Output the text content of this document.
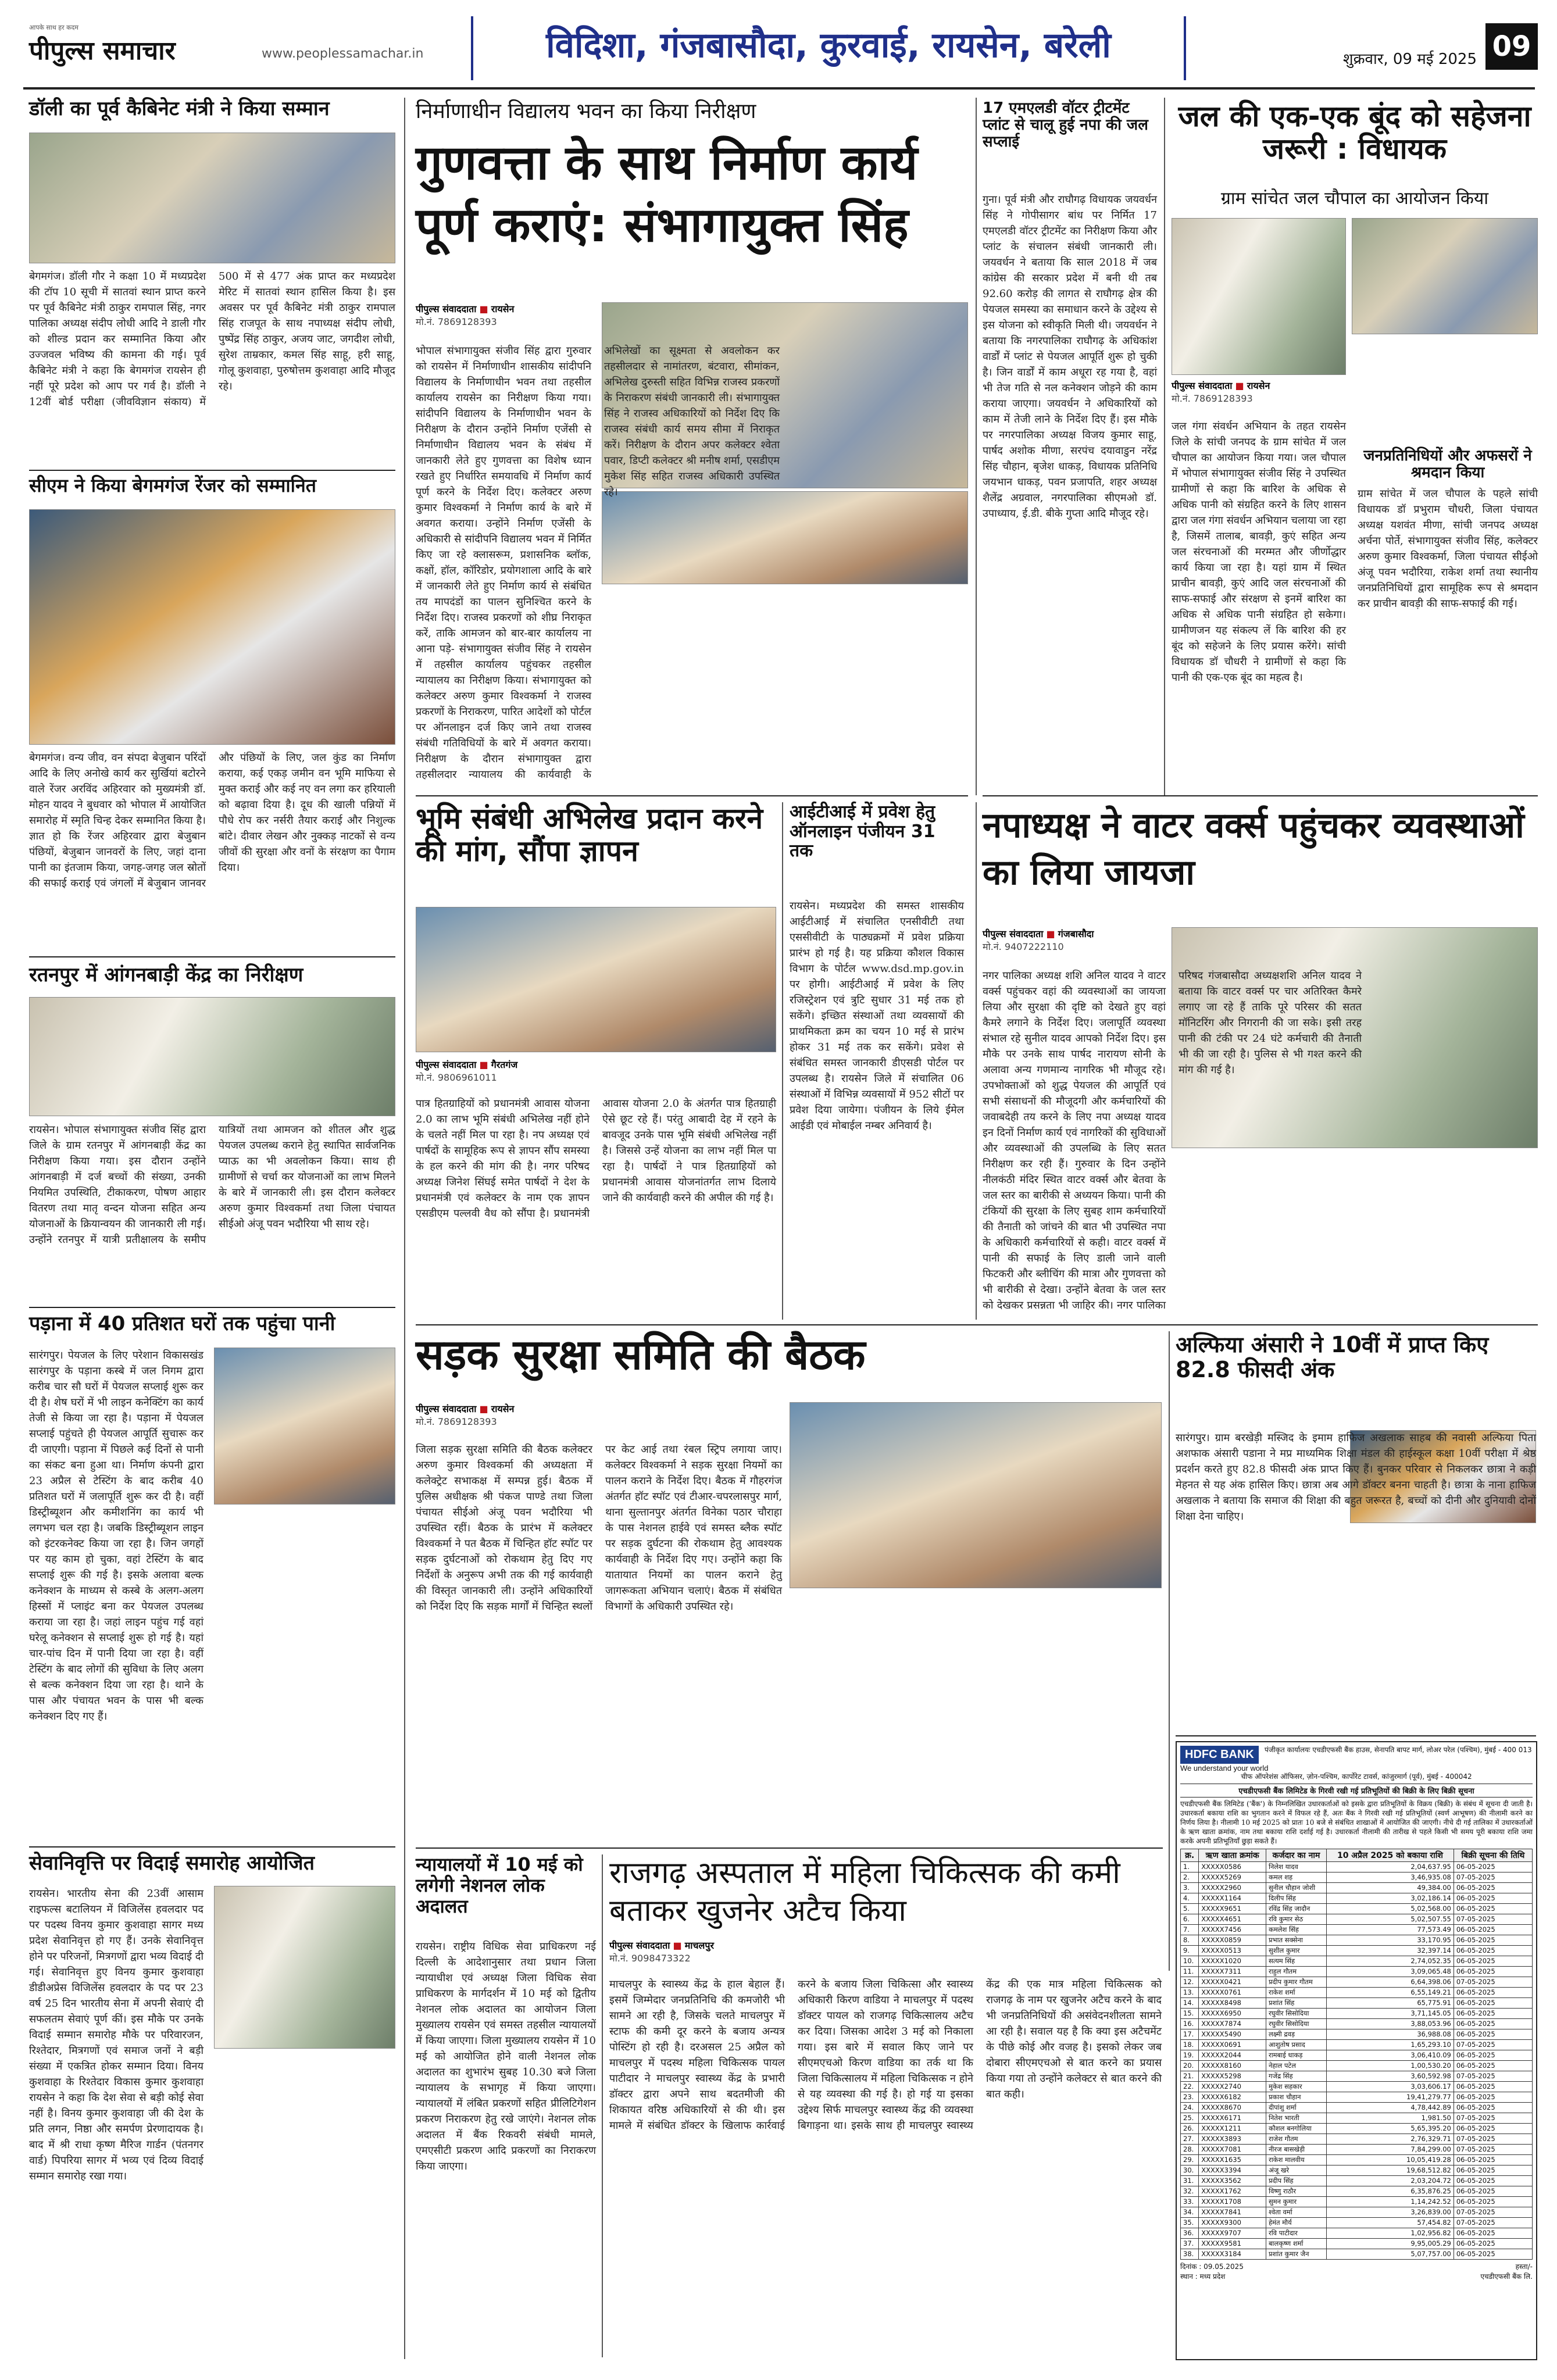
आपके साथ हर कदम
पीपुल्स समाचार	www.peoplessamachar.in	विदिशा, गंजबासौदा, कुरवाई, रायसेन, बरेली	शुक्रवार, 09 मई 2025 09
डॉली का पूर्व कैबिनेट मंत्री ने किया सम्मान
बेगमगंज। डॉली गौर ने कक्षा 10 में मध्यप्रदेश की टॉप 10 सूची में सातवां स्थान प्राप्त करने पर पूर्व कैबिनेट मंत्री ठाकुर रामपाल सिंह, नगर पालिका अध्यक्ष संदीप लोधी आदि ने डाली गौर को शील्ड प्रदान कर सम्मानित किया और उज्जवल भविष्य की कामना की गई। पूर्व कैबिनेट मंत्री ने कहा कि बेगमगंज रायसेन ही नहीं पूरे प्रदेश को आप पर गर्व है। डॉली ने 12वीं बोर्ड परीक्षा (जीवविज्ञान संकाय) में 500 में से 477 अंक प्राप्त कर मध्यप्रदेश मेरिट में सातवां स्थान हासिल किया है। इस अवसर पर पूर्व कैबिनेट मंत्री ठाकुर रामपाल सिंह राजपूत के साथ नपाध्यक्ष संदीप लोधी, पुष्पेंद्र सिंह ठाकुर, अजय जाट, जगदीश लोधी, सुरेश ताम्रकार, कमल सिंह साहू, हरी साहू, गोलू कुशवाहा, पुरुषोत्तम कुशवाहा आदि मौजूद रहे।
सीएम ने किया बेगमगंज रेंजर को सम्मानित
बेगमगंज। वन्य जीव, वन संपदा बेजुबान परिंदों आदि के लिए अनोखे कार्य कर सुर्खियां बटोरने वाले रेंजर अरविंद अहिरवार को मुख्यमंत्री डॉ. मोहन यादव ने बुधवार को भोपाल में आयोजित समारोह में स्मृति चिन्ह देकर सम्मानित किया है। ज्ञात हो कि रेंजर अहिरवार द्वारा बेजुबान पंछियों, बेजुबान जानवरों के लिए, जहां दाना पानी का इंतजाम किया, जगह-जगह जल स्रोतों की सफाई कराई एवं जंगलों में बेजुबान जानवर और पंछियों के लिए, जल कुंड का निर्माण कराया, कई एकड़ जमीन वन भूमि माफिया से मुक्त कराई और कई नए वन लगा कर हरियाली को बढ़ावा दिया है। दूध की खाली पन्नियों में पौधे रोप कर नर्सरी तैयार कराई और निशुल्क बांटे। दीवार लेखन और नुक्कड़ नाटकों से वन्य जीवों की सुरक्षा और वनों के संरक्षण का पैगाम दिया।
रतनपुर में आंगनबाड़ी केंद्र का निरीक्षण
रायसेन। भोपाल संभागायुक्त संजीव सिंह द्वारा जिले के ग्राम रतनपुर में आंगनबाड़ी केंद्र का निरीक्षण किया गया। इस दौरान उन्होंने आंगनबाड़ी में दर्ज बच्चों की संख्या, उनकी नियमित उपस्थिति, टीकाकरण, पोषण आहार वितरण तथा मातृ वन्दन योजना सहित अन्य योजनाओं के क्रियान्वयन की जानकारी ली गई। उन्होंने रतनपुर में यात्री प्रतीक्षालय के समीप यात्रियों तथा आमजन को शीतल और शुद्ध पेयजल उपलब्ध कराने हेतु स्थापित सार्वजनिक प्याऊ का भी अवलोकन किया। साथ ही ग्रामीणों से चर्चा कर योजनाओं का लाभ मिलने के बारे में जानकारी ली। इस दौरान कलेक्टर अरुण कुमार विश्वकर्मा तथा जिला पंचायत सीईओ अंजू पवन भदौरिया भी साथ रहे।
पड़ाना में 40 प्रतिशत घरों तक पहुंचा पानी
सारंगपुर। पेयजल के लिए परेशान विकासखंड सारंगपुर के पड़ाना कस्बे में जल निगम द्वारा करीब चार सौ घरों में पेयजल सप्लाई शुरू कर दी है। शेष घरों में भी लाइन कनेक्टिंग का कार्य तेजी से किया जा रहा है। पड़ाना में पेयजल सप्लाई पहुंचते ही पेयजल आपूर्ति सुचारू कर दी जाएगी। पड़ाना में पिछले कई दिनों से पानी का संकट बना हुआ था। निर्माण कंपनी द्वारा 23 अप्रैल से टेस्टिंग के बाद करीब 40 प्रतिशत घरों में जलापूर्ति शुरू कर दी है। वहीं डिस्ट्रीब्यूशन और कमीशनिंग का कार्य भी लगभग चल रहा है। जबकि डिस्ट्रीब्यूशन लाइन को इंटरकनेक्ट किया जा रहा है। जिन जगहों पर यह काम हो चुका, वहां टेस्टिंग के बाद सप्लाई शुरू की गई है। इसके अलावा बल्क कनेक्शन के माध्यम से कस्बे के अलग-अलग हिस्सों में प्लाइंट बना कर पेयजल उपलब्ध कराया जा रहा है। जहां लाइन पहुंच गई वहां घरेलू कनेक्शन से सप्लाई शुरू हो गई है। यहां चार-पांच दिन में पानी दिया जा रहा है। वहीं टेस्टिंग के बाद लोगों की सुविधा के लिए अलग से बल्क कनेक्शन दिया जा रहा है। थाने के पास और पंचायत भवन के पास भी बल्क कनेक्शन दिए गए हैं।
सेवानिवृत्ति पर विदाई समारोह आयोजित
रायसेन। भारतीय सेना की 23वीं आसाम राइफल्स बटालियन में विजिलेंस हवलदार पद पर पदस्थ विनय कुमार कुशवाहा सागर मध्य प्रदेश सेवानिवृत्त हो गए हैं। उनके सेवानिवृत्त होने पर परिजनों, मित्रगणों द्वारा भव्य विदाई दी गई। सेवानिवृत्त हुए विनय कुमार कुशवाहा डीडीअप्रेस विजिलेंस हवलदार के पद पर 23 वर्ष 25 दिन भारतीय सेना में अपनी सेवाएं दी सफलतम सेवाएं पूर्ण कीं। इस मौके पर उनके विदाई सम्मान समारोह मौके पर परिवारजन, रिश्तेदार, मित्रगणों एवं समाज जनों ने बड़ी संख्या में एकत्रित होकर सम्मान दिया। विनय कुशवाहा के रिश्तेदार विकास कुमार कुशवाहा रायसेन ने कहा कि देश सेवा से बड़ी कोई सेवा नहीं है। विनय कुमार कुशवाहा जी की देश के प्रति लगन, निष्ठा और समर्पण प्रेरणादायक है। बाद में श्री राधा कृष्ण मैरिज गार्डन (पंतनगर वार्ड) पिपरिया सागर में भव्य एवं दिव्य विदाई सम्मान समारोह रखा गया।
निर्माणाधीन विद्यालय भवन का किया निरीक्षण
गुणवत्ता के साथ निर्माण कार्य पूर्ण कराएं: संभागायुक्त सिंह
पीपुल्स संवाददाता ■ रायसेन
मो.नं. 7869128393
भोपाल संभागायुक्त संजीव सिंह द्वारा गुरुवार को रायसेन में निर्माणाधीन शासकीय सांदीपनि विद्यालय के निर्माणाधीन भवन तथा तहसील कार्यालय रायसेन का निरीक्षण किया गया। सांदीपनि विद्यालय के निर्माणाधीन भवन के निरीक्षण के दौरान उन्होंने निर्माण एजेंसी से निर्माणाधीन विद्यालय भवन के संबंध में जानकारी लेते हुए गुणवत्ता का विशेष ध्यान रखते हुए निर्धारित समयावधि में निर्माण कार्य पूर्ण करने के निर्देश दिए। कलेक्टर अरुण कुमार विश्वकर्मा ने निर्माण कार्य के बारे में अवगत कराया। उन्होंने निर्माण एजेंसी के अधिकारी से सांदीपनि विद्यालय भवन में निर्मित किए जा रहे क्लासरूम, प्रशासनिक ब्लॉक, कक्षों, हॉल, कॉरिडोर, प्रयोगशाला आदि के बारे में जानकारी लेते हुए निर्माण कार्य से संबंधित तय मापदंडों का पालन सुनिश्चित करने के निर्देश दिए। राजस्व प्रकरणों को शीघ्र निराकृत करें, ताकि आमजन को बार-बार कार्यालय ना आना पड़े- संभागायुक्त संजीव सिंह ने रायसेन में तहसील कार्यालय पहुंचकर तहसील न्यायालय का निरीक्षण किया। संभागायुक्त को कलेक्टर अरुण कुमार विश्वकर्मा ने राजस्व प्रकरणों के निराकरण, पारित आदेशों को पोर्टल पर ऑनलाइन दर्ज किए जाने तथा राजस्व संबंधी गतिविधियों के बारे में अवगत कराया। निरीक्षण के दौरान संभागायुक्त द्वारा तहसीलदार न्यायालय की कार्यवाही के अभिलेखों का सूक्ष्मता से अवलोकन कर तहसीलदार से नामांतरण, बंटवारा, सीमांकन, अभिलेख दुरुस्ती सहित विभिन्न राजस्व प्रकरणों के निराकरण संबंधी जानकारी ली। संभागायुक्त सिंह ने राजस्व अधिकारियों को निर्देश दिए कि राजस्व संबंधी कार्य समय सीमा में निराकृत करें। निरीक्षण के दौरान अपर कलेक्टर श्वेता पवार, डिप्टी कलेक्टर श्री मनीष शर्मा, एसडीएम मुकेश सिंह सहित राजस्व अधिकारी उपस्थित रहे।
17 एमएलडी वॉटर ट्रीटमेंट प्लांट से चालू हुई नपा की जल सप्लाई
गुना। पूर्व मंत्री और राघौगढ़ विधायक जयवर्धन सिंह ने गोपीसागर बांध पर निर्मित 17 एमएलडी वॉटर ट्रीटमेंट का निरीक्षण किया और प्लांट के संचालन संबंधी जानकारी ली। जयवर्धन ने बताया कि साल 2018 में जब कांग्रेस की सरकार प्रदेश में बनी थी तब 92.60 करोड़ की लागत से राघौगढ़ क्षेत्र की पेयजल समस्या का समाधान करने के उद्देश्य से इस योजना को स्वीकृति मिली थी। जयवर्धन ने बताया कि नगरपालिका राघौगढ़ के अधिकांश वार्डों में प्लांट से पेयजल आपूर्ति शुरू हो चुकी है। जिन वार्डों में काम अधूरा रह गया है, वहां भी तेज गति से नल कनेक्शन जोड़ने की काम कराया जाएगा। जयवर्धन ने अधिकारियों को काम में तेजी लाने के निर्देश दिए हैं। इस मौके पर नगरपालिका अध्यक्ष विजय कुमार साहू, पार्षद अशोक मीणा, सरपंच दयावाडुन नरेंद्र सिंह चौहान, बृजेश धाकड़, विधायक प्रतिनिधि जयभान धाकड़, पवन प्रजापति, शहर अध्यक्ष शैलेंद्र अग्रवाल, नगरपालिका सीएमओ डॉ. उपाध्याय, ई.डी. बीके गुप्ता आदि मौजूद रहे।
जल की एक-एक बूंद को सहेजना जरूरी : विधायक
ग्राम सांचेत जल चौपाल का आयोजन किया
पीपुल्स संवाददाता ■ रायसेन
मो.नं. 7869128393
जल गंगा संवर्धन अभियान के तहत रायसेन जिले के सांची जनपद के ग्राम सांचेत में जल चौपाल का आयोजन किया गया। जल चौपाल में भोपाल संभागायुक्त संजीव सिंह ने उपस्थित ग्रामीणों से कहा कि बारिश के अधिक से अधिक पानी को संग्रहित करने के लिए शासन द्वारा जल गंगा संवर्धन अभियान चलाया जा रहा है, जिसमें तालाब, बावड़ी, कुएं सहित अन्य जल संरचनाओं की मरम्मत और जीर्णोद्धार कार्य किया जा रहा है। यहां ग्राम में स्थित प्राचीन बावड़ी, कुएं आदि जल संरचनाओं की साफ-सफाई और संरक्षण से इनमें बारिश का अधिक से अधिक पानी संग्रहित हो सकेगा। ग्रामीणजन यह संकल्प लें कि बारिश की हर बूंद को सहेजने के लिए प्रयास करेंगे। सांची विधायक डॉ चौधरी ने ग्रामीणों से कहा कि पानी की एक-एक बूंद का महत्व है।
जनप्रतिनिधियों और अफसरों ने श्रमदान किया
ग्राम सांचेत में जल चौपाल के पहले सांची विधायक डॉ प्रभुराम चौधरी, जिला पंचायत अध्यक्ष यशवंत मीणा, सांची जनपद अध्यक्ष अर्चना पोर्ते, संभागायुक्त संजीव सिंह, कलेक्टर अरुण कुमार विश्वकर्मा, जिला पंचायत सीईओ अंजू पवन भदौरिया, राकेश शर्मा तथा स्थानीय जनप्रतिनिधियों द्वारा सामूहिक रूप से श्रमदान कर प्राचीन बावड़ी की साफ-सफाई की गई।
भूमि संबंधी अभिलेख प्रदान करने की मांग, सौंपा ज्ञापन
पीपुल्स संवाददाता ■ गैरतगंज
मो.नं. 9806961011
पात्र हितग्राहियों को प्रधानमंत्री आवास योजना 2.0 का लाभ भूमि संबंधी अभिलेख नहीं होने के चलते नहीं मिल पा रहा है। नप अध्यक्ष एवं पार्षदों के सामूहिक रूप से ज्ञापन सौंप समस्या के हल करने की मांग की है। नगर परिषद अध्यक्ष जिनेश सिंघई समेत पार्षदों ने देश के प्रधानमंत्री एवं कलेक्टर के नाम एक ज्ञापन एसडीएम पल्लवी वैध को सौंपा है। प्रधानमंत्री आवास योजना 2.0 के अंतर्गत पात्र हितग्राही ऐसे छूट रहे हैं। परंतु आबादी देह में रहने के बावजूद उनके पास भूमि संबंधी अभिलेख नहीं है। जिससे उन्हें योजना का लाभ नहीं मिल पा रहा है। पार्षदों ने पात्र हितग्राहियों को प्रधानमंत्री आवास योजनांतर्गत लाभ दिलाये जाने की कार्यवाही करने की अपील की गई है।
आईटीआई में प्रवेश हेतु ऑनलाइन पंजीयन 31 तक
रायसेन। मध्यप्रदेश की समस्त शासकीय आईटीआई में संचालित एनसीवीटी तथा एससीवीटी के पाठ्यक्रमों में प्रवेश प्रक्रिया प्रारंभ हो गई है। यह प्रक्रिया कौशल विकास विभाग के पोर्टल www.dsd.mp.gov.in पर होगी। आईटीआई में प्रवेश के लिए रजिस्ट्रेशन एवं त्रुटि सुधार 31 मई तक हो सकेंगे। इच्छित संस्थाओं तथा व्यवसायों की प्राथमिकता क्रम का चयन 10 मई से प्रारंभ होकर 31 मई तक कर सकेंगे। प्रवेश से संबंधित समस्त जानकारी डीएसडी पोर्टल पर उपलब्ध है। रायसेन जिले में संचालित 06 संस्थाओं में विभिन्न व्यवसायों में 952 सीटों पर प्रवेश दिया जायेगा। पंजीयन के लिये ईमेल आईडी एवं मोबाईल नम्बर अनिवार्य है।
नपाध्यक्ष ने वाटर वर्क्स पहुंचकर व्यवस्थाओं का लिया जायजा
पीपुल्स संवाददाता ■ गंजबासौदा
मो.नं. 9407222110
नगर पालिका अध्यक्ष शशि अनिल यादव ने वाटर वर्क्स पहुंचकर वहां की व्यवस्थाओं का जायजा लिया और सुरक्षा की दृष्टि को देखते हुए वहां कैमरे लगाने के निर्देश दिए। जलापूर्ति व्यवस्था संभाल रहे सुनील यादव आपको निर्देश दिए। इस मौके पर उनके साथ पार्षद नारायण सोनी के अलावा अन्य गणमान्य नागरिक भी मौजूद रहे। उपभोक्ताओं को शुद्ध पेयजल की आपूर्ति एवं सभी संसाधनों की मौजूदगी और कर्मचारियों की जवाबदेही तय करने के लिए नपा अध्यक्ष यादव इन दिनों निर्माण कार्य एवं नागरिकों की सुविधाओं और व्यवस्थाओं की उपलब्धि के लिए सतत निरीक्षण कर रही हैं। गुरुवार के दिन उन्होंने नीलकंठी मंदिर स्थित वाटर वर्क्स और बेतवा के जल स्तर का बारीकी से अध्ययन किया। पानी की टंकियों की सुरक्षा के लिए सुबह शाम कर्मचारियों की तैनाती को जांचने की बात भी उपस्थित नपा के अधिकारी कर्मचारियों से कही। वाटर वर्क्स में पानी की सफाई के लिए डाली जाने वाली फिटकरी और ब्लीचिंग की मात्रा और गुणवत्ता को भी बारीकी से देखा। उन्होंने बेतवा के जल स्तर को देखकर प्रसन्नता भी जाहिर की। नगर पालिका
सड़क सुरक्षा समिति की बैठक
पीपुल्स संवाददाता ■ रायसेन
मो.नं. 7869128393
जिला सड़क सुरक्षा समिति की बैठक कलेक्टर अरुण कुमार विश्वकर्मा की अध्यक्षता में कलेक्ट्रेट सभाकक्ष में सम्पन्न हुई। बैठक में पुलिस अधीक्षक श्री पंकज पाण्डे तथा जिला पंचायत सीईओ अंजू पवन भदौरिया भी उपस्थित रहीं। बैठक के प्रारंभ में कलेक्टर विश्वकर्मा ने पत बैठक में चिन्हित हॉट स्पॉट पर सड़क दुर्घटनाओं को रोकथाम हेतु दिए गए निर्देशों के अनुरूप अभी तक की गई कार्यवाही की विस्तृत जानकारी ली। उन्होंने अधिकारियों को निर्देश दिए कि सड़क मार्गों में चिन्हित स्थलों पर केट आई तथा रंबल स्ट्रिप लगाया जाए। कलेक्टर विश्वकर्मा ने सड़क सुरक्षा नियमों का पालन कराने के निर्देश दिए। बैठक में गौहरगंज अंतर्गत हॉट स्पॉट एवं टीआर-चपरलासपुर मार्ग, थाना सुल्तानपुर अंतर्गत विनेका पठार चौराहा के पास नेशनल हाईवे एवं समस्त ब्लैक स्पॉट पर सड़क दुर्घटना की रोकथाम हेतु आवश्यक कार्यवाही के निर्देश दिए गए। उन्होंने कहा कि यातायात नियमों का पालन कराने हेतु जागरूकता अभियान चलाएं। बैठक में संबंधित विभागों के अधिकारी उपस्थित रहे।
अल्फिया अंसारी ने 10वीं में प्राप्त किए 82.8 फीसदी अंक
सारंगपुर। ग्राम बरखेड़ी मस्जिद के इमाम हाफिज अखलाक साहब की नवासी अल्फिया पिता अशफाक अंसारी पडाना ने मप्र माध्यमिक शिक्षा मंडल की हाईस्कूल कक्षा 10वीं परीक्षा में श्रेष्ठ प्रदर्शन करते हुए 82.8 फीसदी अंक प्राप्त किए हैं। बुनकर परिवार से निकलकर छात्रा ने कड़ी मेहनत से यह अंक हासिल किए। छात्रा अब आगे डॉक्टर बनना चाहती है। छात्रा के नाना हाफिज अखलाक ने बताया कि समाज की शिक्षा की बहुत जरूरत है, बच्चों को दीनी और दुनियावी दोनों शिक्षा देना चाहिए।
न्यायालयों में 10 मई को लगेगी नेशनल लोक अदालत
रायसेन। राष्ट्रीय विधिक सेवा प्राधिकरण नई दिल्ली के आदेशानुसार तथा प्रधान जिला न्यायाधीश एवं अध्यक्ष जिला विधिक सेवा प्राधिकरण के मार्गदर्शन में 10 मई को द्वितीय नेशनल लोक अदालत का आयोजन जिला मुख्यालय रायसेन एवं समस्त तहसील न्यायालयों में किया जाएगा। जिला मुख्यालय रायसेन में 10 मई को आयोजित होने वाली नेशनल लोक अदालत का शुभारंभ सुबह 10.30 बजे जिला न्यायालय के सभागृह में किया जाएगा। न्यायालयों में लंबित प्रकरणों सहित प्रीलिटिगेशन प्रकरण निराकरण हेतु रखे जाएंगे। नेशनल लोक अदालत में बैंक रिकवरी संबंधी मामले, एमएसीटी प्रकरण आदि प्रकरणों का निराकरण किया जाएगा।
राजगढ़ अस्पताल में महिला चिकित्सक की कमी बताकर खुजनेर अटैच किया
पीपुल्स संवाददाता ■ माचलपुर
मो.नं. 9098473322
माचलपुर के स्वास्थ्य केंद्र के हाल बेहाल हैं। इसमें जिम्मेदार जनप्रतिनिधि की कमजोरी भी सामने आ रही है, जिसके चलते माचलपुर में स्टाफ की कमी दूर करने के बजाय अन्यत्र पोस्टिंग हो रही है। दरअसल 25 अप्रैल को माचलपुर में पदस्थ महिला चिकित्सक पायल पाटीदार ने माचलपुर स्वास्थ्य केंद्र के प्रभारी डॉक्टर द्वारा अपने साथ बदतमीजी की शिकायत वरिष्ठ अधिकारियों से की थी। इस मामले में संबंधित डॉक्टर के खिलाफ कार्रवाई करने के बजाय जिला चिकित्सा और स्वास्थ्य अधिकारी किरण वाडिया ने माचलपुर में पदस्थ डॉक्टर पायल को राजगढ़ चिकित्सालय अटैच कर दिया। जिसका आदेश 3 मई को निकाला गया। इस बारे में सवाल किए जाने पर सीएमएचओ किरण वाडिया का तर्क था कि जिला चिकित्सालय में महिला चिकित्सक न होने से यह व्यवस्था की गई है। हो गई या इसका उद्देश्य सिर्फ माचलपुर स्वास्थ्य केंद्र की व्यवस्था बिगाड़ना था। इसके साथ ही माचलपुर स्वास्थ्य केंद्र की एक मात्र महिला चिकित्सक को राजगढ़ के नाम पर खुजनेर अटैच करने के बाद भी जनप्रतिनिधियों की असंवेदनशीलता सामने आ रही है। सवाल यह है कि क्या इस अटैचमेंट के पीछे कोई और वजह है। इसको लेकर जब दोबारा सीएमएचओ से बात करने का प्रयास किया गया तो उन्होंने कलेक्टर से बात करने की बात कही।
HDFC BANK पंजीकृत कार्यालयः एचडीएफसी बैंक हाउस, सेनापति बापट मार्ग, लोअर परेल (पश्चिम), मुंबई - 400 013
We understand your world
चीफ ऑपरेशंस ऑफिसर, ज़ोन-पश्चिम, कार्पोरेट टावर्स, कांजुरमार्ग (पूर्व), मुंबई - 400042
एचडीएफसी बैंक लिमिटेड के गिरवी रखी गई प्रतिभूतियों की बिक्री के लिए बिक्री सूचना
एचडीएफसी बैंक लिमिटेड ('बैंक') के निम्नलिखित उधारकर्ताओं को इसके द्वारा प्रतिभूतियों के विक्रय (बिक्री) के संबंध में सूचना दी जाती है। उधारकर्ता बकाया राशि का भुगतान करने में विफल रहे हैं, अतः बैंक ने गिरवी रखी गई प्रतिभूतियों (स्वर्ण आभूषण) की नीलामी करने का निर्णय लिया है। नीलामी 10 मई 2025 को प्रातः 10 बजे से संबंधित शाखाओं में आयोजित की जाएगी। नीचे दी गई तालिका में उधारकर्ताओं के ऋण खाता क्रमांक, नाम तथा बकाया राशि दर्शाई गई है। उधारकर्ता नीलामी की तारीख से पहले किसी भी समय पूरी बकाया राशि जमा करके अपनी प्रतिभूतियाँ छुड़ा सकते हैं।
क्र.	ऋण खाता क्रमांक	कर्जदार का नाम	10 अप्रैल 2025 को बकाया राशि	बिक्री सूचना की तिथि
1.	XXXXX0586	निलेश यादव	2,04,637.95	06-05-2025
2.	XXXXX5269	कमल शह	3,46,935.08	07-05-2025
3.	XXXXX2960	सुनील चौहान जोशी	49,384.00	06-05-2025
4.	XXXXX1164	दिलीप सिंह	3,02,186.14	06-05-2025
5.	XXXXX9651	रविंद्र सिंह जादौन	5,02,568.00	06-05-2025
6.	XXXXX4651	रवि कुमार सेठ	5,02,507.55	07-05-2025
7.	XXXXX7456	कमलेश सिंह	77,573.49	06-05-2025
8.	XXXXX0859	प्रभात सक्सेना	33,170.95	06-05-2025
9.	XXXXX0513	सुशील कुमार	32,397.14	06-05-2025
10.	XXXXX1020	सत्यम सिंह	2,74,052.35	06-05-2025
11.	XXXXX7311	राहुल गौतम	3,09,065.48	06-05-2025
12.	XXXXX0421	प्रदीप कुमार गौतम	6,64,398.06	07-05-2025
13.	XXXXX0761	राकेश शर्मा	6,55,149.21	06-05-2025
14.	XXXXX8498	प्रशांत सिंह	65,775.91	06-05-2025
15.	XXXXX6950	रघुवीर सिसोदिया	3,71,145.05	06-05-2025
16.	XXXXX7874	रघुवीर सिसोदिया	3,88,053.96	06-05-2025
17.	XXXXX5490	लक्ष्मी द्रवड़	36,988.08	06-05-2025
18.	XXXXX0691	आशुतोष प्रसाद	1,65,293.10	07-05-2025
19.	XXXXX2044	रामबाई धाकड़	3,06,410.09	06-05-2025
20.	XXXXX8160	नेहाल पटेल	1,00,530.20	06-05-2025
21.	XXXXX5298	गजेंद्र सिंह	3,60,592.98	07-05-2025
22.	XXXXX2740	मुकेश सहकार	3,03,606.17	06-05-2025
23.	XXXXX6182	प्रकाश चौहान	19,41,279.77	06-05-2025
24.	XXXXX8670	दीपांशु शर्मा	4,78,442.89	06-05-2025
25.	XXXXX6171	नितेश भारती	1,981.50	07-05-2025
26.	XXXXX1211	कौशल बनगोलिया	5,65,395.20	06-05-2025
27.	XXXXX3893	राजेश गौतम	2,76,329.71	07-05-2025
28.	XXXXX7081	नीरज बासखेड़ी	7,84,299.00	07-05-2025
29.	XXXXX1635	राकेश मालवीय	10,05,419.28	06-05-2025
30.	XXXXX3394	अंजू खरे	19,68,512.82	06-05-2025
31.	XXXXX3562	प्रदीप सिंह	2,03,204.72	06-05-2025
32.	XXXXX1762	विष्णु राठौर	6,35,876.25	06-05-2025
33.	XXXXX1708	सुमन कुमार	1,14,242.52	06-05-2025
34.	XXXXX7841	श्वेता वर्मा	3,26,839.00	07-05-2025
35.	XXXXX9300	हेमंत मौर्य	57,454.82	07-05-2025
36.	XXXXX9707	रवि पाटीदार	1,02,956.82	06-05-2025
37.	XXXXX9581	बालकृष्ण शर्मा	9,95,005.29	06-05-2025
38.	XXXXX3184	प्रशांत कुमार जैन	5,07,757.00	06-05-2025
दिनांक : 09.05.2025
स्थान : मध्य प्रदेश
हस्ता/-
एचडीएफसी बैंक लि.
